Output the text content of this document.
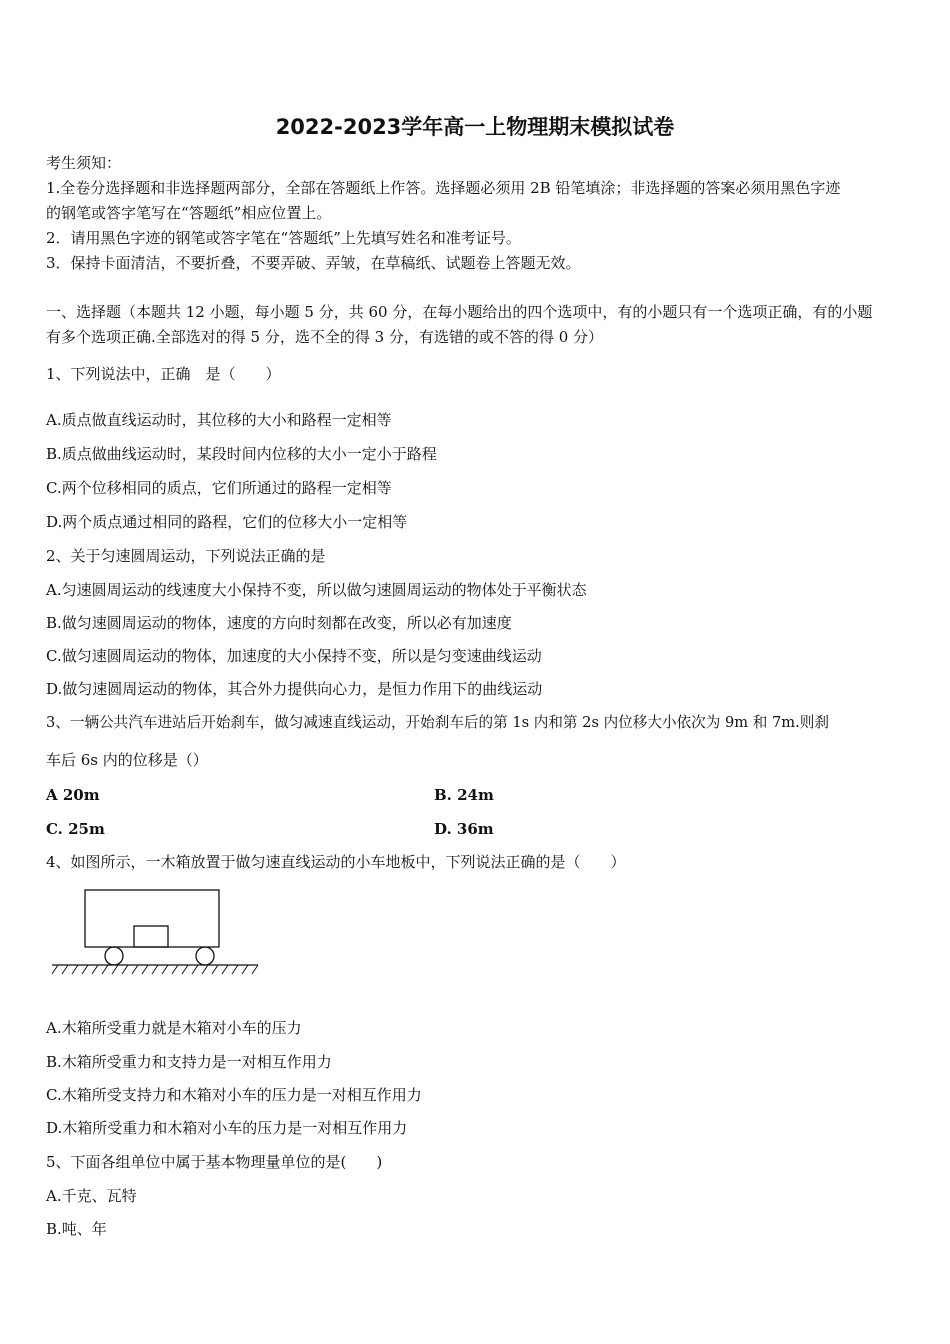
2022-2023学年高一上物理期末模拟试卷
考生须知：
1.全卷分选择题和非选择题两部分，全部在答题纸上作答。选择题必须用 2B 铅笔填涂；非选择题的答案必须用黑色字迹
的钢笔或答字笔写在“答题纸”相应位置上。
2．请用黑色字迹的钢笔或答字笔在“答题纸”上先填写姓名和准考证号。
3．保持卡面清洁，不要折叠，不要弄破、弄皱，在草稿纸、试题卷上答题无效。
一、选择题（本题共 12 小题，每小题 5 分，共 60 分，在每小题给出的四个选项中，有的小题只有一个选项正确，有的小题
有多个选项正确.全部选对的得 5 分，选不全的得 3 分，有选错的或不答的得 0 分）
1、下列说法中，正确　是（　　）
A.质点做直线运动时，其位移的大小和路程一定相等
B.质点做曲线运动时，某段时间内位移的大小一定小于路程
C.两个位移相同的质点，它们所通过的路程一定相等
D.两个质点通过相同的路程，它们的位移大小一定相等
2、关于匀速圆周运动，下列说法正确的是
A.匀速圆周运动的线速度大小保持不变，所以做匀速圆周运动的物体处于平衡状态
B.做匀速圆周运动的物体，速度的方向时刻都在改变，所以必有加速度
C.做匀速圆周运动的物体，加速度的大小保持不变，所以是匀变速曲线运动
D.做匀速圆周运动的物体，其合外力提供向心力，是恒力作用下的曲线运动
3、一辆公共汽车进站后开始刹车，做匀减速直线运动，开始刹车后的第 1s 内和第 2s 内位移大小依次为 9m 和 7m.则刹
车后 6s 内的位移是（）
A 20m	B. 24m
C. 25m	D. 36m
4、如图所示，一木箱放置于做匀速直线运动的小车地板中，下列说法正确的是（　　）
A.木箱所受重力就是木箱对小车的压力
B.木箱所受重力和支持力是一对相互作用力
C.木箱所受支持力和木箱对小车的压力是一对相互作用力
D.木箱所受重力和木箱对小车的压力是一对相互作用力
5、下面各组单位中属于基本物理量单位的是(　　)
A.千克、瓦特
B.吨、年
